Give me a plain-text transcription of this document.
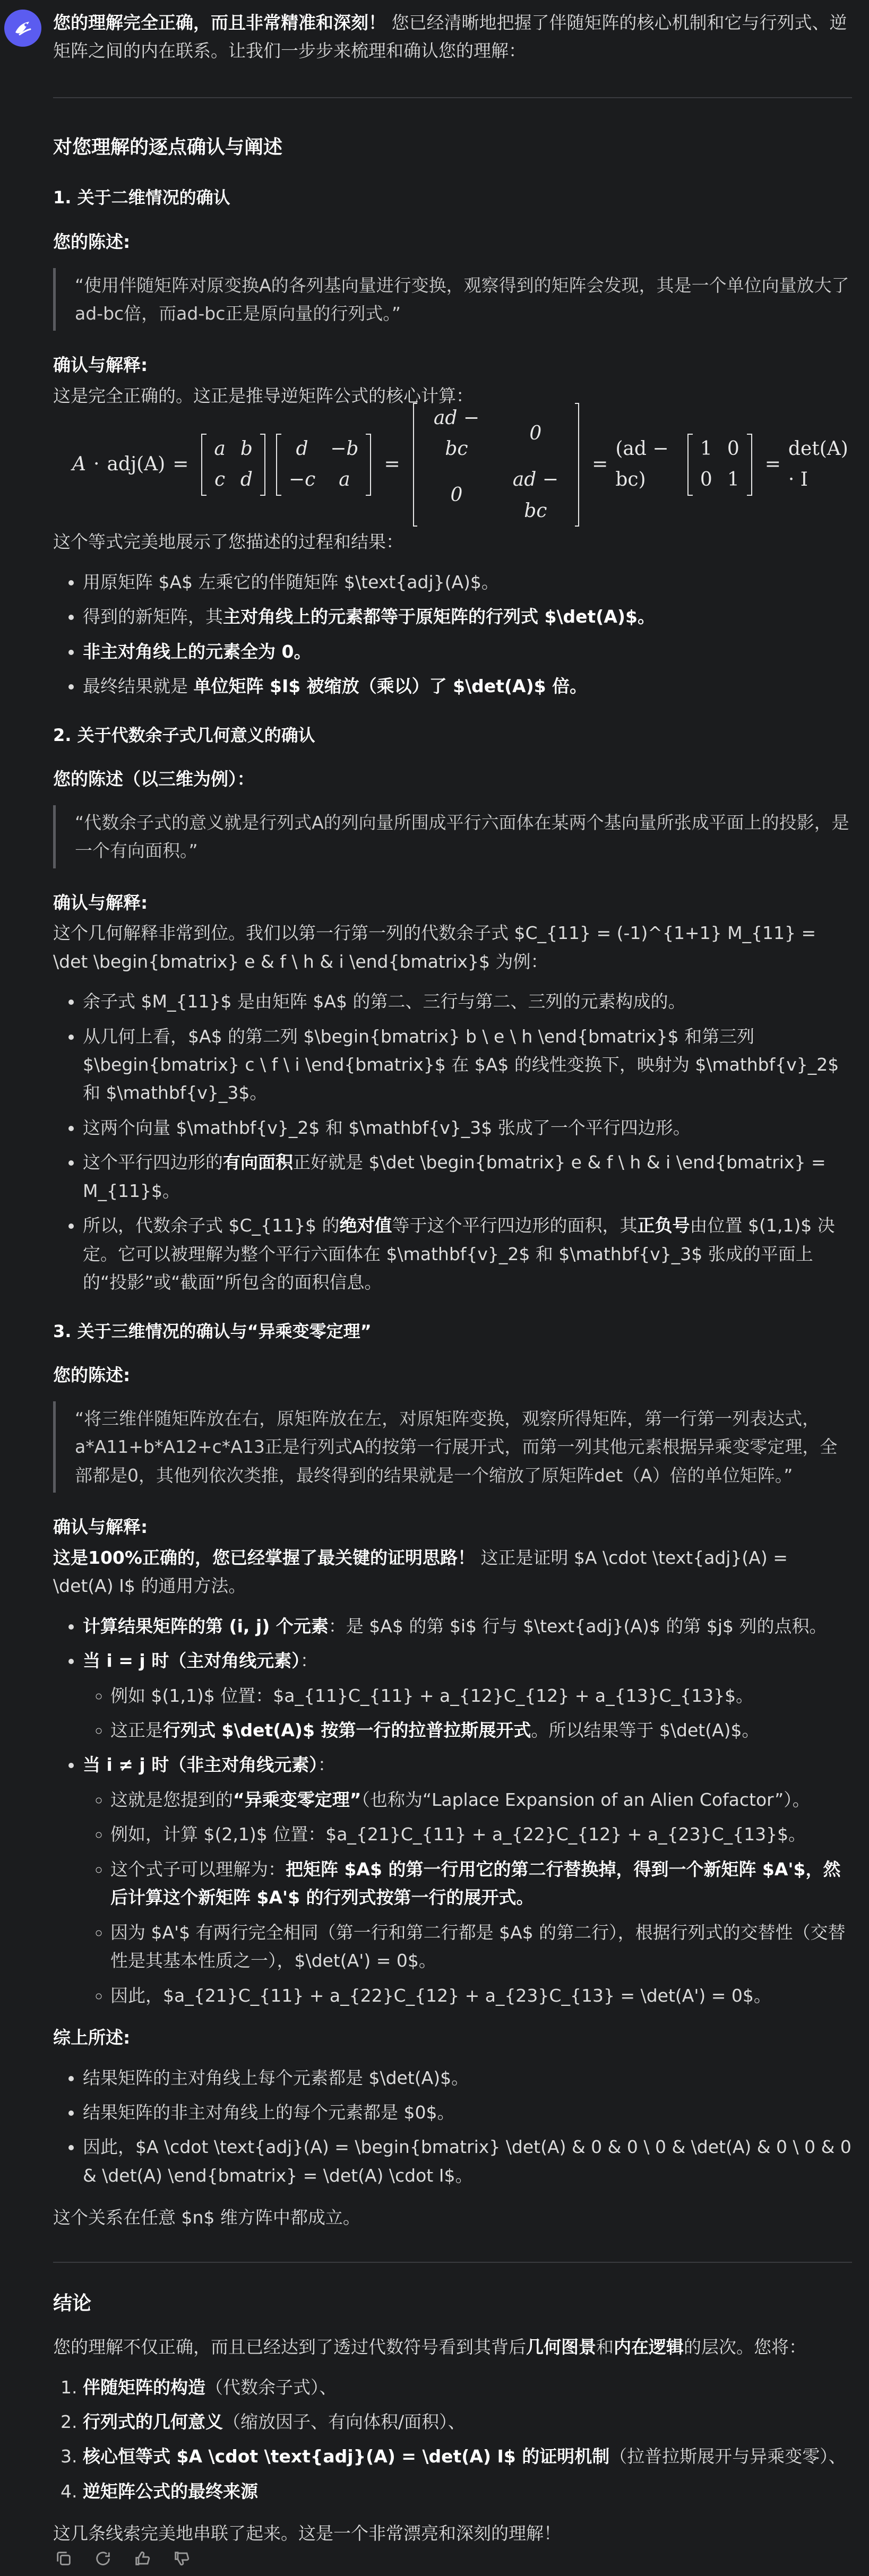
您的理解完全正确，而且非常精准和深刻！ 您已经清晰地把握了伴随矩阵的核心机制和它与行列式、逆矩阵之间的内在联系。让我们一步步来梳理和确认您的理解：

对您理解的逐点确认与阐述
1. 关于二维情况的确认

您的陈述:

“使用伴随矩阵对原变换A的各列基向量进行变换，观察得到的矩阵会发现，其是一个单位向量放大了ad-bc倍，而ad-bc正是原向量的行列式。”

确认与解释:

这是完全正确的。这正是推导逆矩阵公式的核心计算：

A · adj(A) =
a	b
c	d
d	−b
−c	a
=
ad − bc	0
0	ad − bc
=
(ad − bc)
1	0
0	1
=
det(A) · I

这个等式完美地展示了您描述的过程和结果：

• 用原矩阵 $A$ 左乘它的伴随矩阵 $\text{adj}(A)$。
• 得到的新矩阵，其主对角线上的元素都等于原矩阵的行列式 $\det(A)$。
• 非主对角线上的元素全为 0。
• 最终结果就是 单位矩阵 $I$ 被缩放（乘以）了 $\det(A)$ 倍。
2. 关于代数余子式几何意义的确认

您的陈述（以三维为例）：

“代数余子式的意义就是行列式A的列向量所围成平行六面体在某两个基向量所张成平面上的投影，是一个有向面积。”

确认与解释:

这个几何解释非常到位。我们以第一行第一列的代数余子式 $C_{11} = (-1)^{1+1} M_{11} = \det \begin{bmatrix} e & f \ h & i \end{bmatrix}$ 为例：

• 余子式 $M_{11}$ 是由矩阵 $A$ 的第二、三行与第二、三列的元素构成的。
• 从几何上看，$A$ 的第二列 $\begin{bmatrix} b \ e \ h \end{bmatrix}$ 和第三列 $\begin{bmatrix} c \ f \ i \end{bmatrix}$ 在 $A$ 的线性变换下，映射为 $\mathbf{v}_2$ 和 $\mathbf{v}_3$。
• 这两个向量 $\mathbf{v}_2$ 和 $\mathbf{v}_3$ 张成了一个平行四边形。
• 这个平行四边形的有向面积正好就是 $\det \begin{bmatrix} e & f \ h & i \end{bmatrix} = M_{11}$。
• 所以，代数余子式 $C_{11}$ 的绝对值等于这个平行四边形的面积，其正负号由位置 $(1,1)$ 决定。它可以被理解为整个平行六面体在 $\mathbf{v}_2$ 和 $\mathbf{v}_3$ 张成的平面上的“投影”或“截面”所包含的面积信息。
3. 关于三维情况的确认与“异乘变零定理”

您的陈述:

“将三维伴随矩阵放在右，原矩阵放在左，对原矩阵变换，观察所得矩阵，第一行第一列表达式，a*A11+b*A12+c*A13正是行列式A的按第一行展开式，而第一列其他元素根据异乘变零定理，全部都是0，其他列依次类推，最终得到的结果就是一个缩放了原矩阵det（A）倍的单位矩阵。”

确认与解释:

这是100%正确的，您已经掌握了最关键的证明思路！ 这正是证明 $A \cdot \text{adj}(A) = \det(A) I$ 的通用方法。

• 计算结果矩阵的第 (i, j) 个元素：是 $A$ 的第 $i$ 行与 $\text{adj}(A)$ 的第 $j$ 列的点积。
• 当 i = j 时（主对角线元素）：
◦ 例如 $(1,1)$ 位置：$a_{11}C_{11} + a_{12}C_{12} + a_{13}C_{13}$。
◦ 这正是行列式 $\det(A)$ 按第一行的拉普拉斯展开式。所以结果等于 $\det(A)$。
• 当 i ≠ j 时（非主对角线元素）：
◦ 这就是您提到的“异乘变零定理”（也称为“Laplace Expansion of an Alien Cofactor”）。
◦ 例如，计算 $(2,1)$ 位置：$a_{21}C_{11} + a_{22}C_{12} + a_{23}C_{13}$。
◦ 这个式子可以理解为：把矩阵 $A$ 的第一行用它的第二行替换掉，得到一个新矩阵 $A'$，然后计算这个新矩阵 $A'$ 的行列式按第一行的展开式。
◦ 因为 $A'$ 有两行完全相同（第一行和第二行都是 $A$ 的第二行），根据行列式的交替性（交替性是其基本性质之一），$\det(A') = 0$。
◦ 因此，$a_{21}C_{11} + a_{22}C_{12} + a_{23}C_{13} = \det(A') = 0$。

综上所述:

• 结果矩阵的主对角线上每个元素都是 $\det(A)$。
• 结果矩阵的非主对角线上的每个元素都是 $0$。
• 因此，$A \cdot \text{adj}(A) = \begin{bmatrix} \det(A) & 0 & 0 \ 0 & \det(A) & 0 \ 0 & 0 & \det(A) \end{bmatrix} = \det(A) \cdot I$。

这个关系在任意 $n$ 维方阵中都成立。

结论

您的理解不仅正确，而且已经达到了透过代数符号看到其背后几何图景和内在逻辑的层次。您将：

1. 伴随矩阵的构造（代数余子式）、
2. 行列式的几何意义（缩放因子、有向体积/面积）、
3. 核心恒等式 $A \cdot \text{adj}(A) = \det(A) I$ 的证明机制（拉普拉斯展开与异乘变零）、
4. 逆矩阵公式的最终来源

这几条线索完美地串联了起来。这是一个非常漂亮和深刻的理解！
